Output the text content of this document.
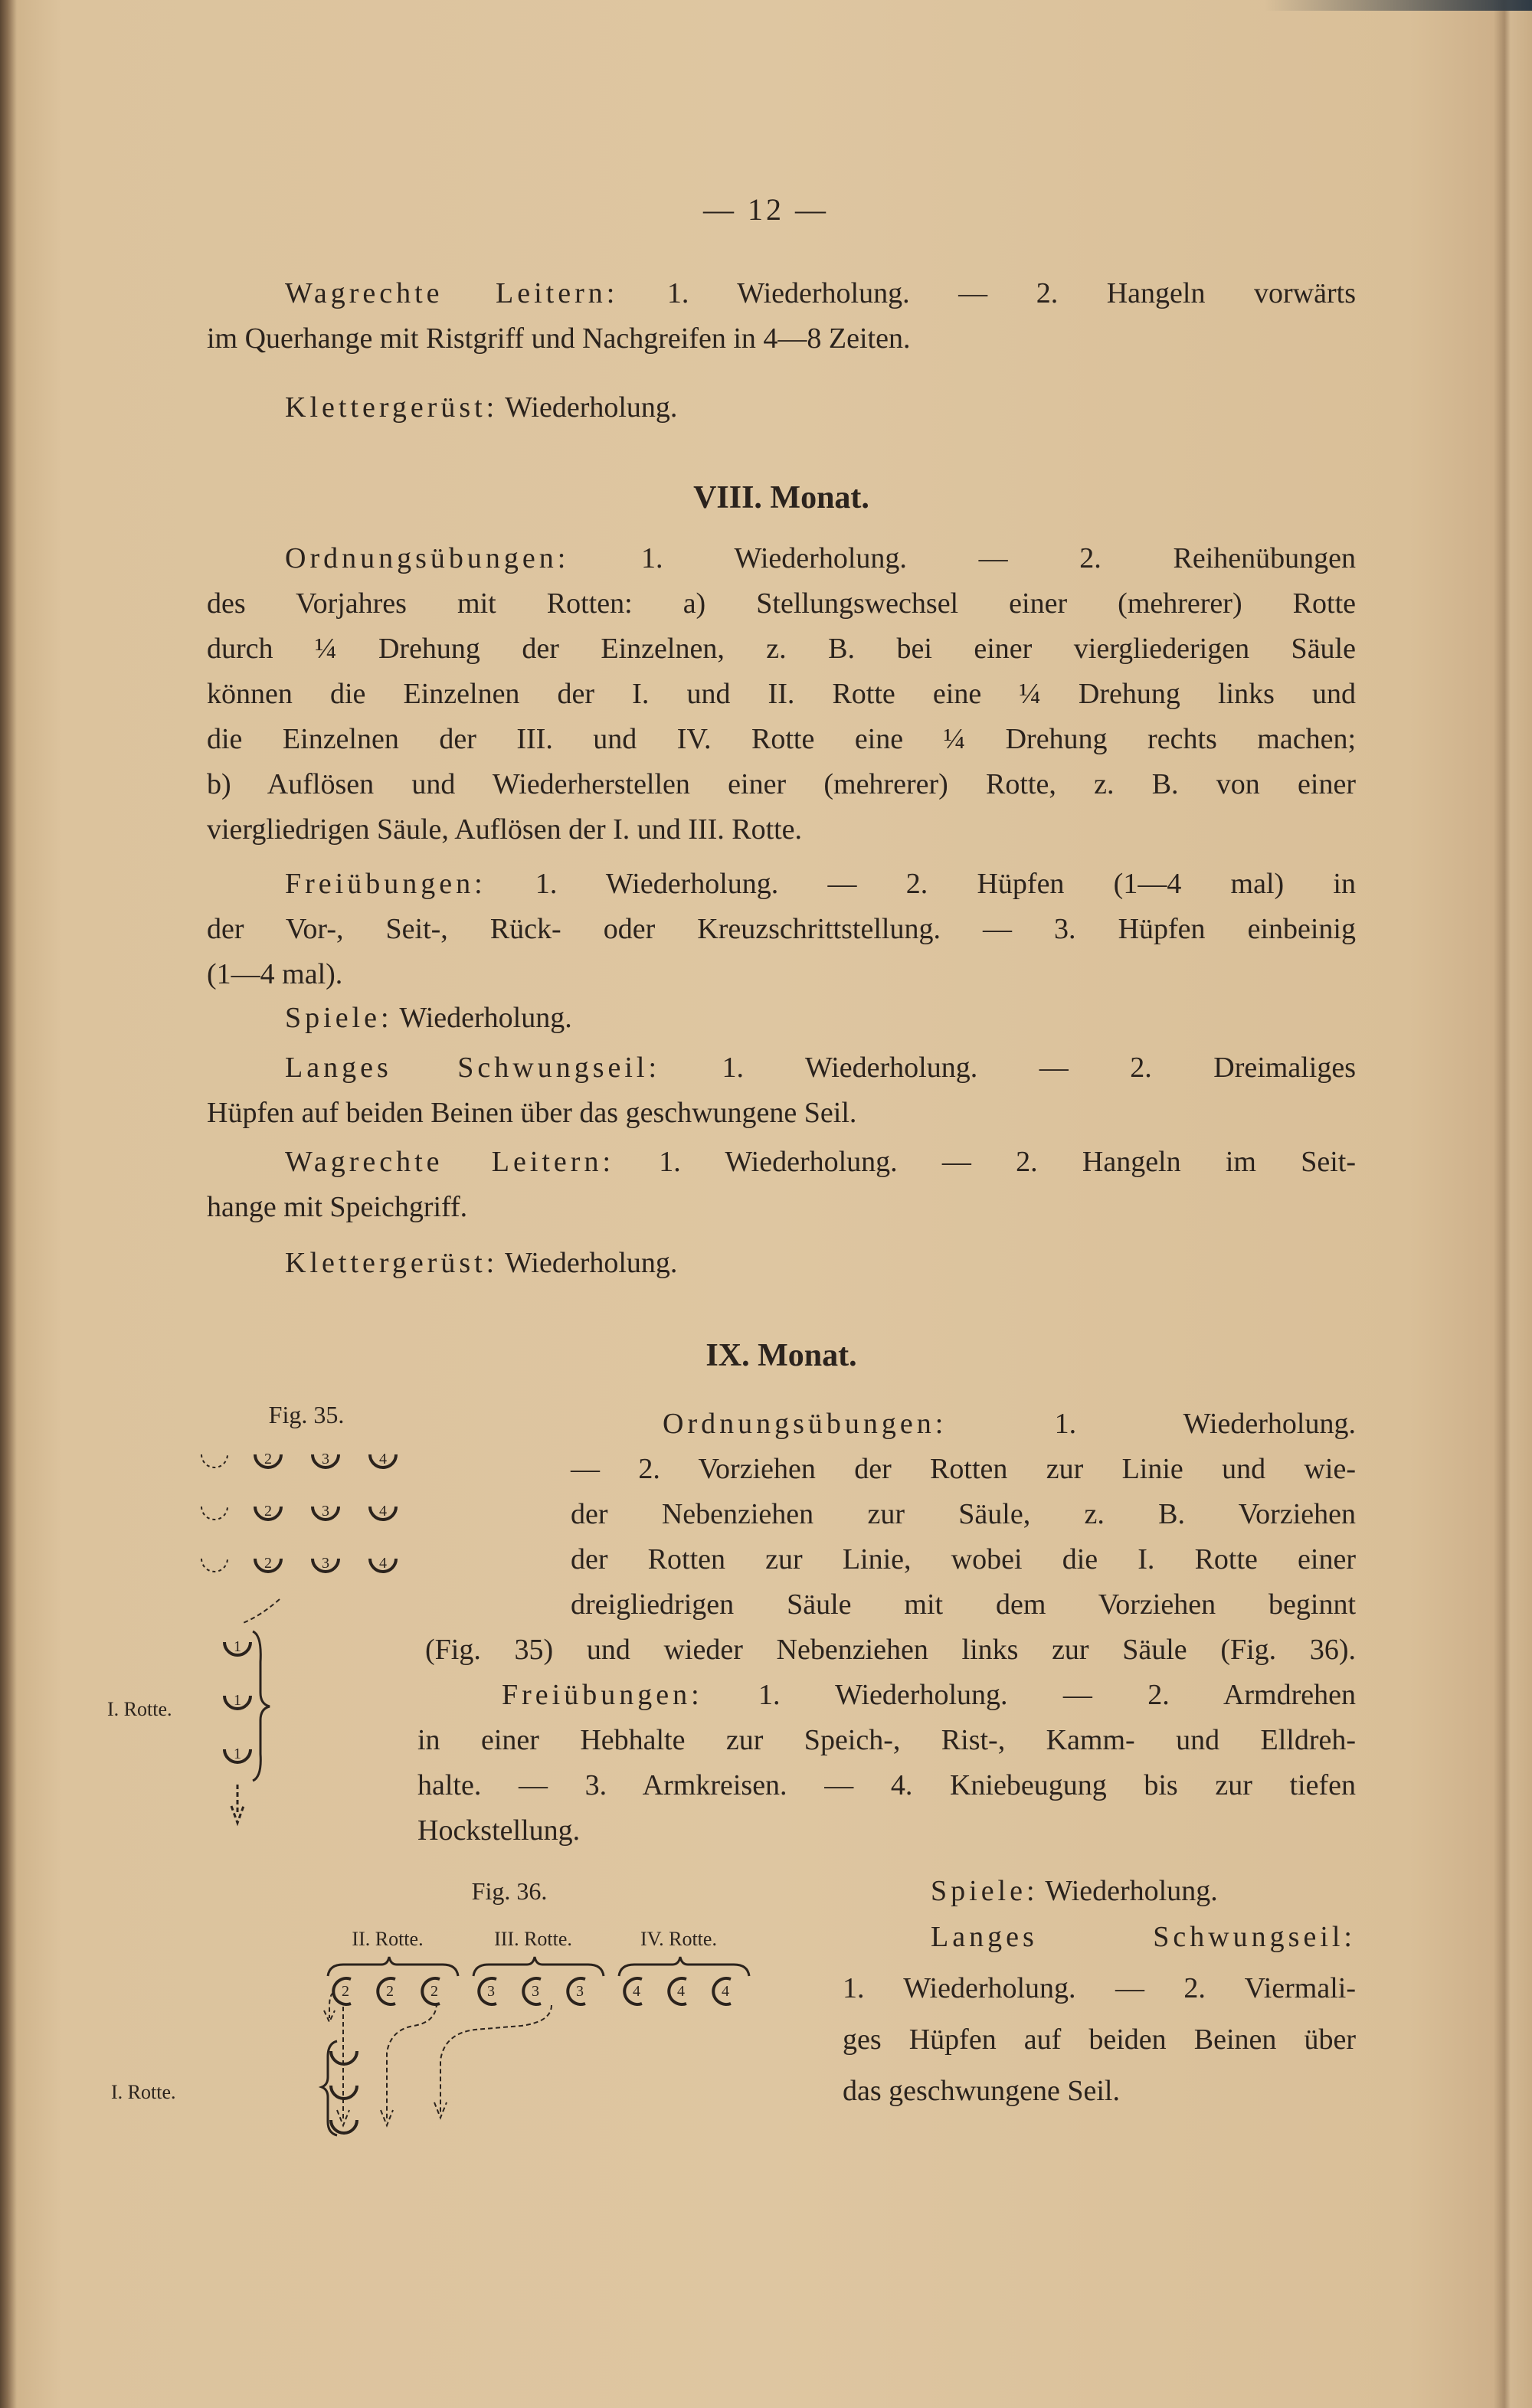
— 12 —
Wagrechte Leitern: 1. Wiederholung. — 2. Hangeln vorwärts
im Querhange mit Ristgriff und Nachgreifen in 4—8 Zeiten.
Klettergerüst: Wiederholung.
VIII. Monat.
Ordnungsübungen: 1. Wiederholung. — 2. Reihenübungen
des Vorjahres mit Rotten: a) Stellungswechsel einer (mehrerer) Rotte
durch ¼ Drehung der Einzelnen, z. B. bei einer viergliederigen Säule
können die Einzelnen der I. und II. Rotte eine ¼ Drehung links und
die Einzelnen der III. und IV. Rotte eine ¼ Drehung rechts machen;
b) Auflösen und Wiederherstellen einer (mehrerer) Rotte, z. B. von einer
viergliedrigen Säule, Auflösen der I. und III. Rotte.
Freiübungen: 1. Wiederholung. — 2. Hüpfen (1—4 mal) in
der Vor-, Seit-, Rück- oder Kreuzschrittstellung. — 3. Hüpfen einbeinig
(1—4 mal).
Spiele: Wiederholung.
Langes Schwungseil: 1. Wiederholung. — 2. Dreimaliges
Hüpfen auf beiden Beinen über das geschwungene Seil.
Wagrechte Leitern: 1. Wiederholung. — 2. Hangeln im Seit-
hange mit Speichgriff.
Klettergerüst: Wiederholung.
IX. Monat.
Ordnungsübungen: 1. Wiederholung.
— 2. Vorziehen der Rotten zur Linie und wie-
der Nebenziehen zur Säule, z. B. Vorziehen
der Rotten zur Linie, wobei die I. Rotte einer
dreigliedrigen Säule mit dem Vorziehen beginnt
(Fig. 35) und wieder Nebenziehen links zur Säule (Fig. 36).
Freiübungen: 1. Wiederholung. — 2. Armdrehen
in einer Hebhalte zur Speich-, Rist-, Kamm- und Elldreh-
halte. — 3. Armkreisen. — 4. Kniebeugung bis zur tiefen
Hockstellung.
Spiele: Wiederholung.
Langes Schwungseil:
1. Wiederholung. — 2. Viermali-
ges Hüpfen auf beiden Beinen über
das geschwungene Seil.
Fig. 35.
2	3	4
2	3	4
2	3	4
1
1
1
I. Rotte.
Fig. 36.
II. Rotte.
2 2 2
III. Rotte.
3 3 3
IV. Rotte.
4 4 4
I. Rotte.
